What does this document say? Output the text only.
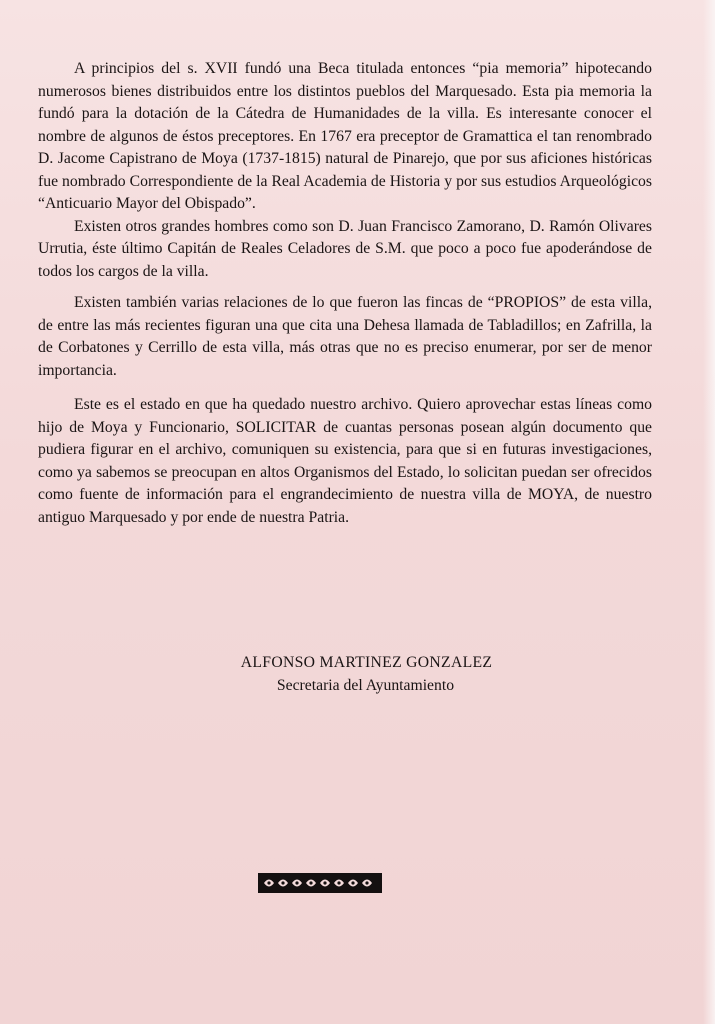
A principios del s. XVII fundó una Beca titulada entonces “pia memoria” hipotecando numerosos bienes distribuidos entre los distintos pueblos del Marquesado. Esta pia memoria la fundó para la dotación de la Cátedra de Humanidades de la villa. Es interesante conocer el nombre de algunos de éstos preceptores. En 1767 era preceptor de Gramattica el tan renombrado D. Jacome Capistrano de Moya (1737-1815) natural de Pinarejo, que por sus aficiones históricas fue nombrado Correspondiente de la Real Academia de Historia y por sus estudios Arqueológicos “Anticuario Mayor del Obispado”.

Existen otros grandes hombres como son D. Juan Francisco Zamorano, D. Ramón Olivares Urrutia, éste último Capitán de Reales Celadores de S.M. que poco a poco fue apoderándose de todos los cargos de la villa.

Existen también varias relaciones de lo que fueron las fincas de “PROPIOS” de esta villa, de entre las más recientes figuran una que cita una Dehesa llamada de Tabladillos; en Zafrilla, la de Corbatones y Cerrillo de esta villa, más otras que no es preciso enumerar, por ser de menor importancia.

Este es el estado en que ha quedado nuestro archivo. Quiero aprovechar estas líneas como hijo de Moya y Funcionario, SOLICITAR de cuantas personas posean algún documento que pudiera figurar en el archivo, comuniquen su existencia, para que si en futuras investigaciones, como ya sabemos se preocupan en altos Organismos del Estado, lo solicitan puedan ser ofrecidos como fuente de información para el engrandecimiento de nuestra villa de MOYA, de nuestro antiguo Marquesado y por ende de nuestra Patria.

ALFONSO MARTINEZ GONZALEZ
Secretaria del Ayuntamiento
